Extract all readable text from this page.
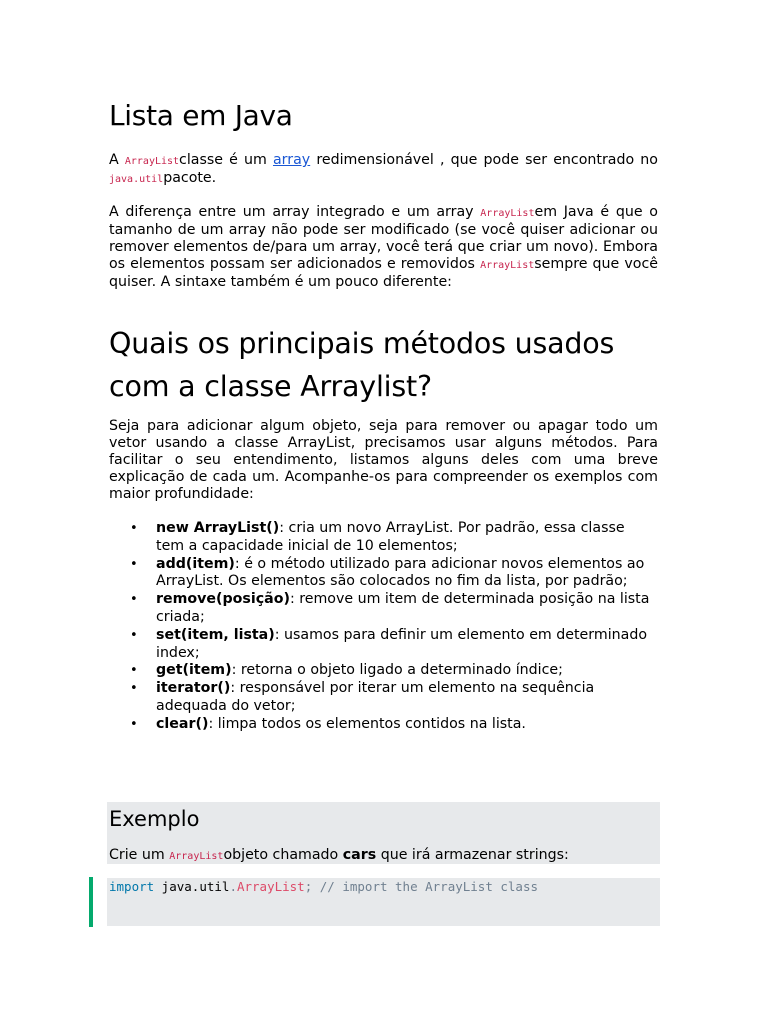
Lista em Java

A ArrayListclasse é um array redimensionável , que pode ser encontrado no java.utilpacote.

A diferença entre um array integrado e um array ArrayListem Java é que o tamanho de um array não pode ser modificado (se você quiser adicionar ou remover elementos de/para um array, você terá que criar um novo). Embora os elementos possam ser adicionados e removidos ArrayListsempre que você quiser. A sintaxe também é um pouco diferente:

Quais os principais métodos usados com a classe Arraylist?

Seja para adicionar algum objeto, seja para remover ou apagar todo um vetor usando a classe ArrayList, precisamos usar alguns métodos. Para facilitar o seu entendimento, listamos alguns deles com uma breve explicação de cada um. Acompanhe-os para compreender os exemplos com maior profundidade:

• new ArrayList(): cria um novo ArrayList. Por padrão, essa classe tem a capacidade inicial de 10 elementos;
• add(item): é o método utilizado para adicionar novos elementos ao ArrayList. Os elementos são colocados no fim da lista, por padrão;
• remove(posição): remove um item de determinada posição na lista criada;
• set(item, lista): usamos para definir um elemento em determinado index;
• get(item): retorna o objeto ligado a determinado índice;
• iterator(): responsável por iterar um elemento na sequência adequada do vetor;
• clear(): limpa todos os elementos contidos na lista.
Exemplo

Crie um ArrayListobjeto chamado cars que irá armazenar strings:

import java.util.ArrayList; // import the ArrayList class
